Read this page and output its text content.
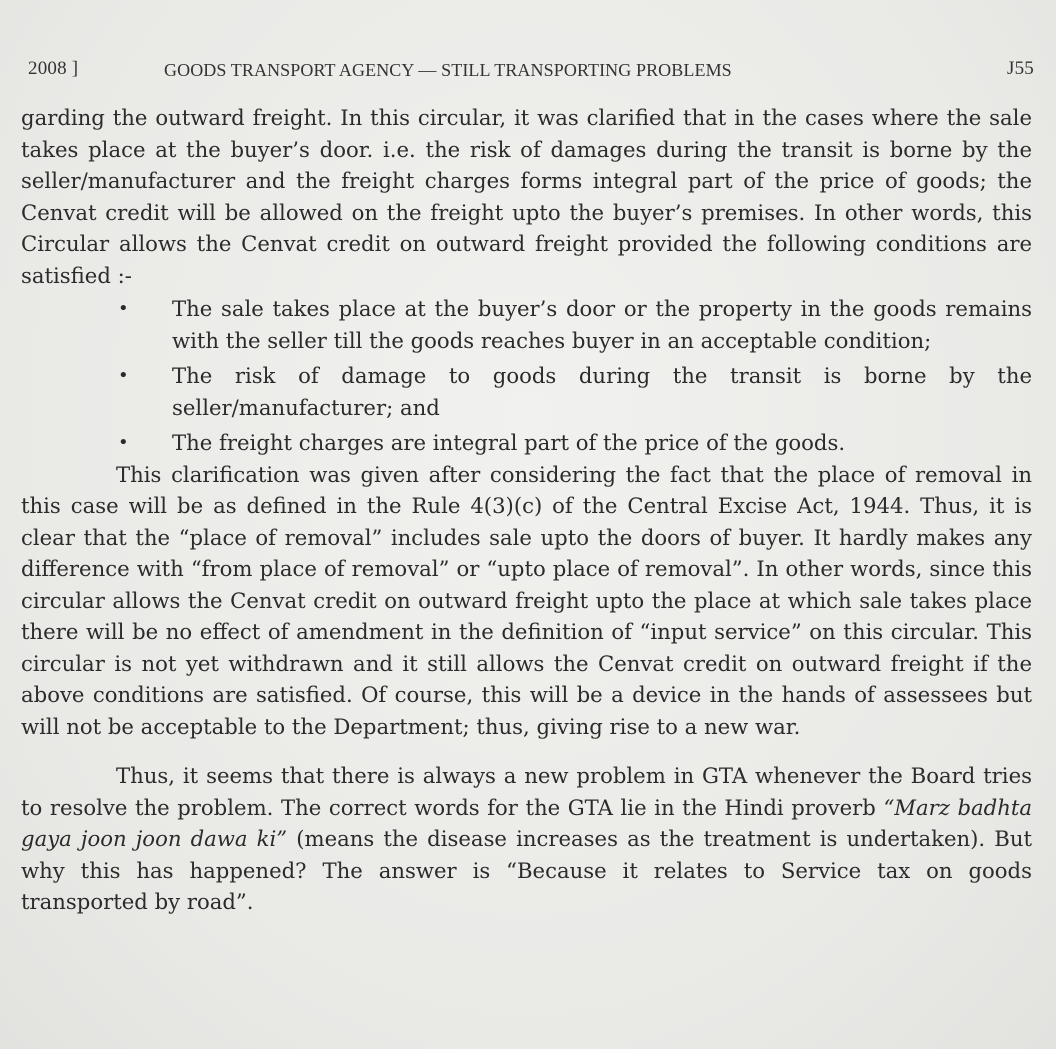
2008 ]	GOODS TRANSPORT AGENCY — STILL TRANSPORTING PROBLEMS	J55

garding the outward freight. In this circular, it was clarified that in the cases where the sale takes place at the buyer’s door. i.e. the risk of damages during the transit is borne by the seller/manufacturer and the freight charges forms integral part of the price of goods; the Cenvat credit will be allowed on the freight upto the buyer’s premises. In other words, this Circular allows the Cenvat credit on outward freight provided the following conditions are satisfied :-

• The sale takes place at the buyer’s door or the property in the goods remains with the seller till the goods reaches buyer in an acceptable condition;
• The risk of damage to goods during the transit is borne by the seller/manufacturer; and
• The freight charges are integral part of the price of the goods.

This clarification was given after considering the fact that the place of removal in this case will be as defined in the Rule 4(3)(c) of the Central Excise Act, 1944. Thus, it is clear that the “place of removal” includes sale upto the doors of buyer. It hardly makes any difference with “from place of removal” or “upto place of removal”. In other words, since this circular allows the Cenvat credit on outward freight upto the place at which sale takes place there will be no effect of amendment in the definition of “input service” on this circular. This circular is not yet withdrawn and it still allows the Cenvat credit on outward freight if the above conditions are satisfied. Of course, this will be a device in the hands of assessees but will not be acceptable to the Department; thus, giving rise to a new war.

Thus, it seems that there is always a new problem in GTA whenever the Board tries to resolve the problem. The correct words for the GTA lie in the Hindi proverb “Marz badhta gaya joon joon dawa ki” (means the disease increases as the treatment is undertaken). But why this has happened? The answer is “Because it relates to Service tax on goods transported by road”.
